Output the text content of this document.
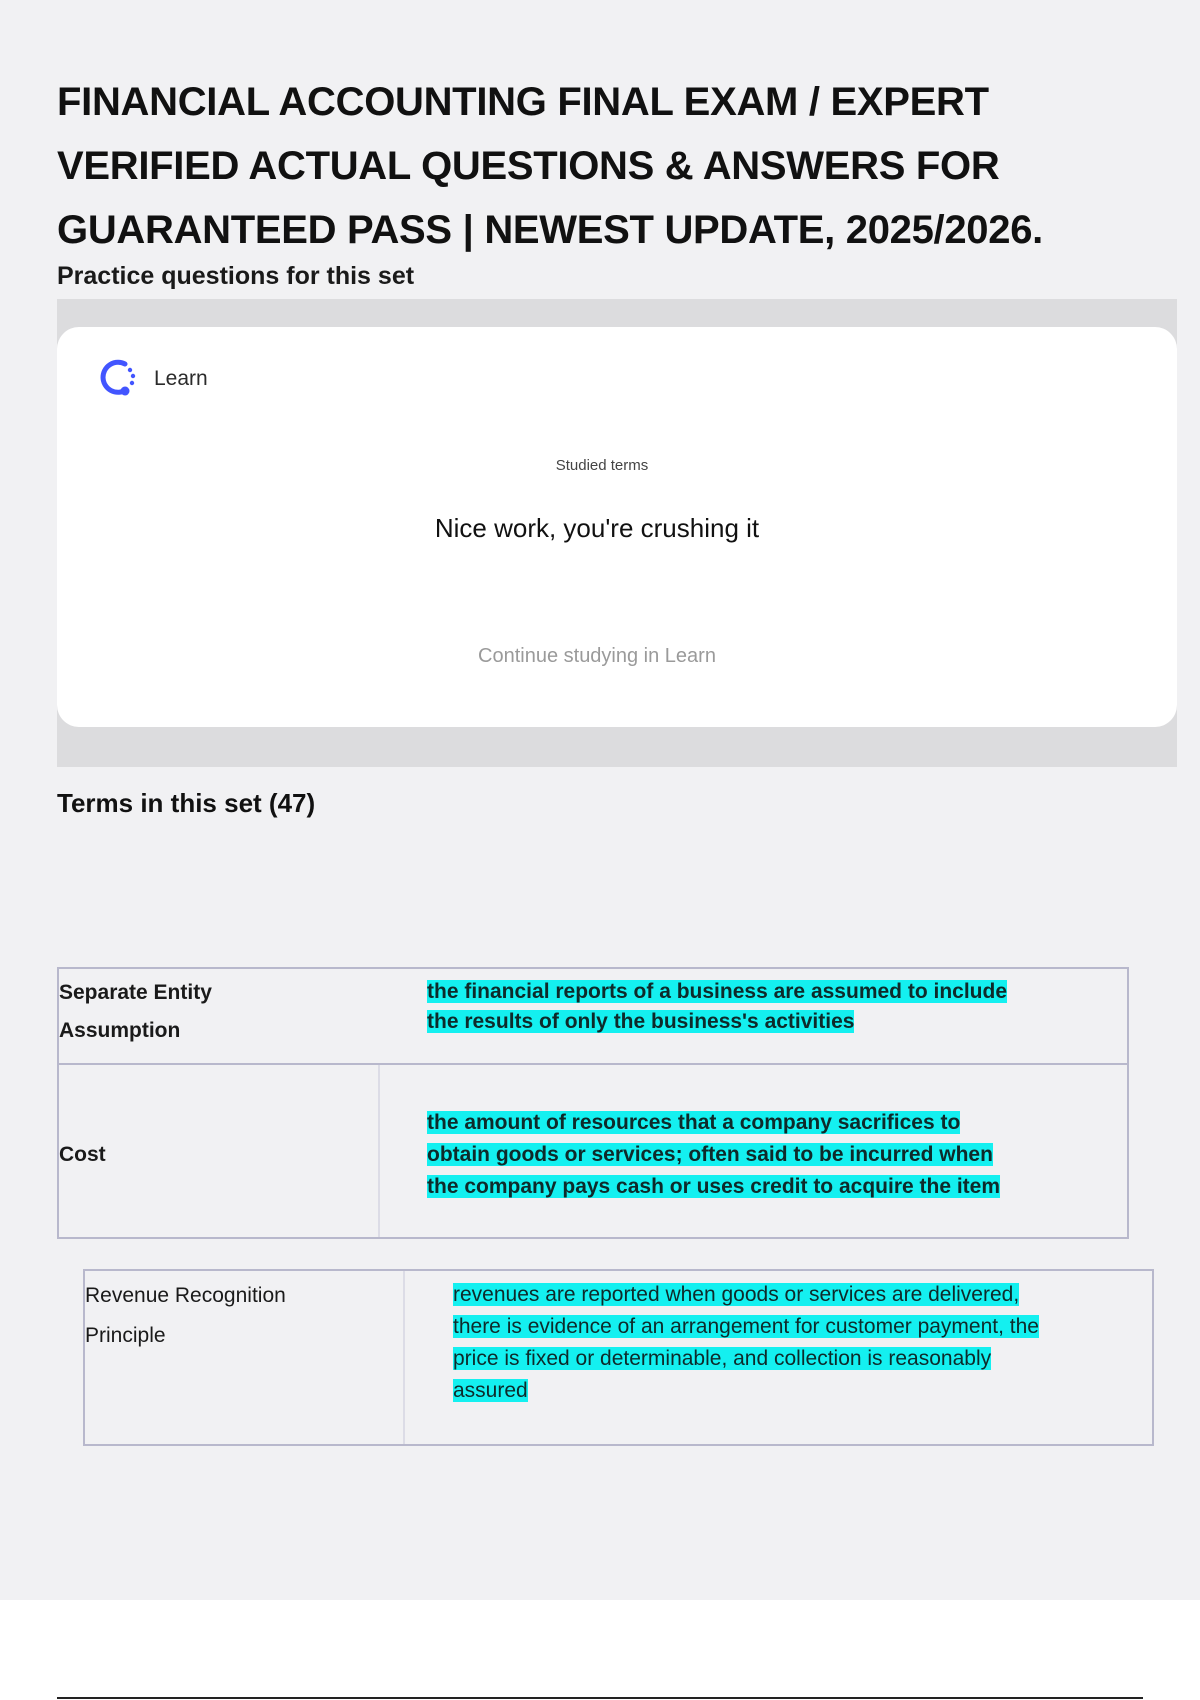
FINANCIAL ACCOUNTING FINAL EXAM / EXPERT VERIFIED ACTUAL QUESTIONS & ANSWERS FOR GUARANTEED PASS | NEWEST UPDATE, 2025/2026.
Practice questions for this set
Learn
Studied terms
Nice work, you're crushing it
Continue studying in Learn
Terms in this set (47)
Separate Entity
Assumption
the financial reports of a business are assumed to include
the results of only the business's activities
Cost
the amount of resources that a company sacrifices to
obtain goods or services; often said to be incurred when
the company pays cash or uses credit to acquire the item
Revenue Recognition
Principle
revenues are reported when goods or services are delivered,
there is evidence of an arrangement for customer payment, the
price is fixed or determinable, and collection is reasonably
assured
